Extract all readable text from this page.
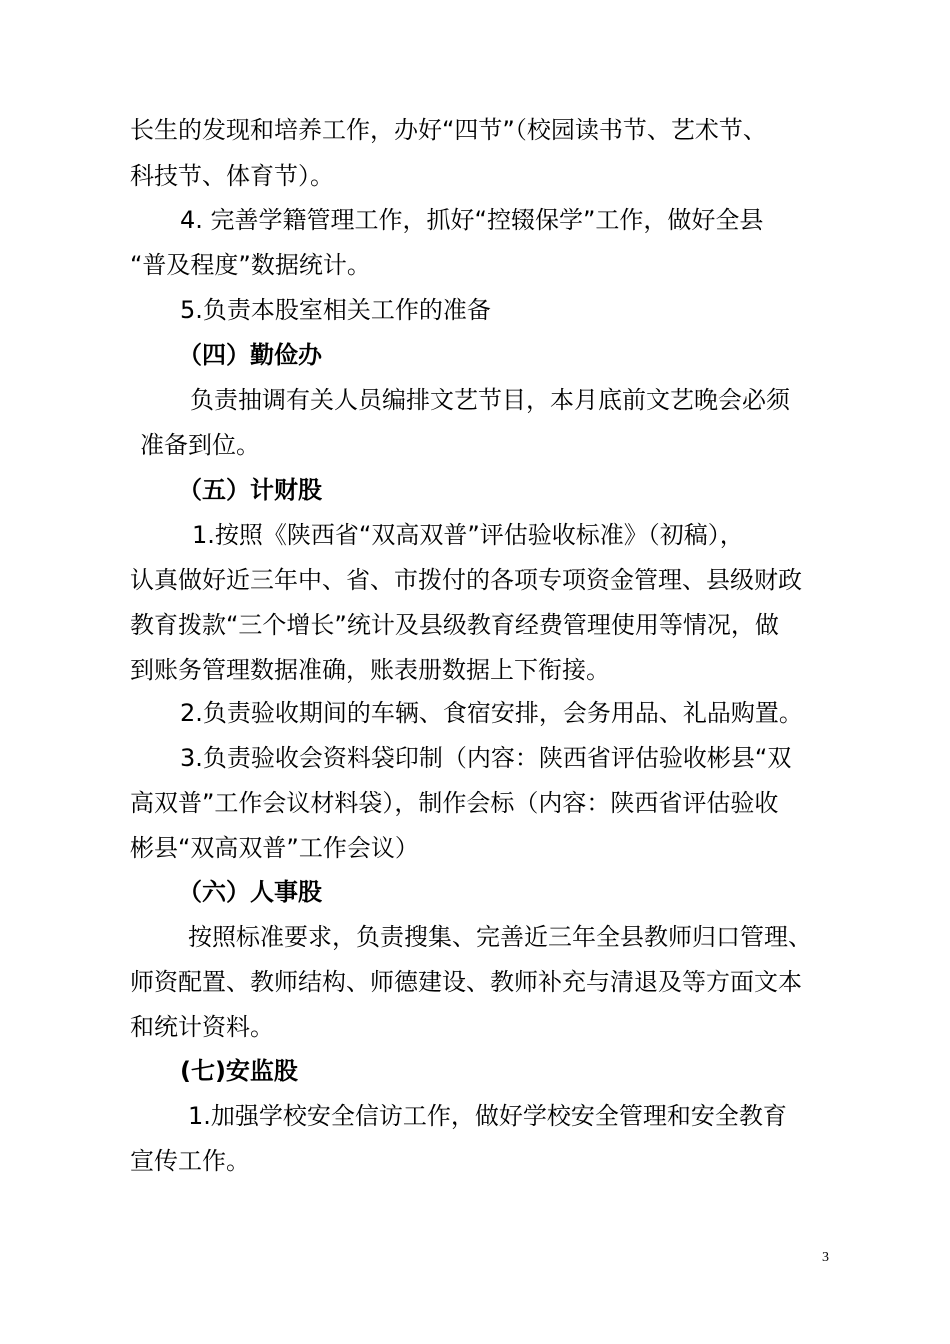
长生的发现和培养工作，办好“四节”（校园读书节、艺术节、
科技节、体育节）。
4. 完善学籍管理工作，抓好“控辍保学”工作，做好全县
“普及程度”数据统计。
5.负责本股室相关工作的准备
（四）勤俭办
负责抽调有关人员编排文艺节目，本月底前文艺晚会必须
准备到位。
（五）计财股
1.按照《陕西省“双高双普”评估验收标准》（初稿），
认真做好近三年中、省、市拨付的各项专项资金管理、县级财政
教育拨款“三个增长”统计及县级教育经费管理使用等情况，做
到账务管理数据准确，账表册数据上下衔接。
2.负责验收期间的车辆、食宿安排，会务用品、礼品购置。
3.负责验收会资料袋印制（内容：陕西省评估验收彬县“双
高双普”工作会议材料袋），制作会标（内容：陕西省评估验收
彬县“双高双普”工作会议）
（六）人事股
按照标准要求，负责搜集、完善近三年全县教师归口管理、
师资配置、教师结构、师德建设、教师补充与清退及等方面文本
和统计资料。
(七)安监股
1.加强学校安全信访工作，做好学校安全管理和安全教育
宣传工作。
3
